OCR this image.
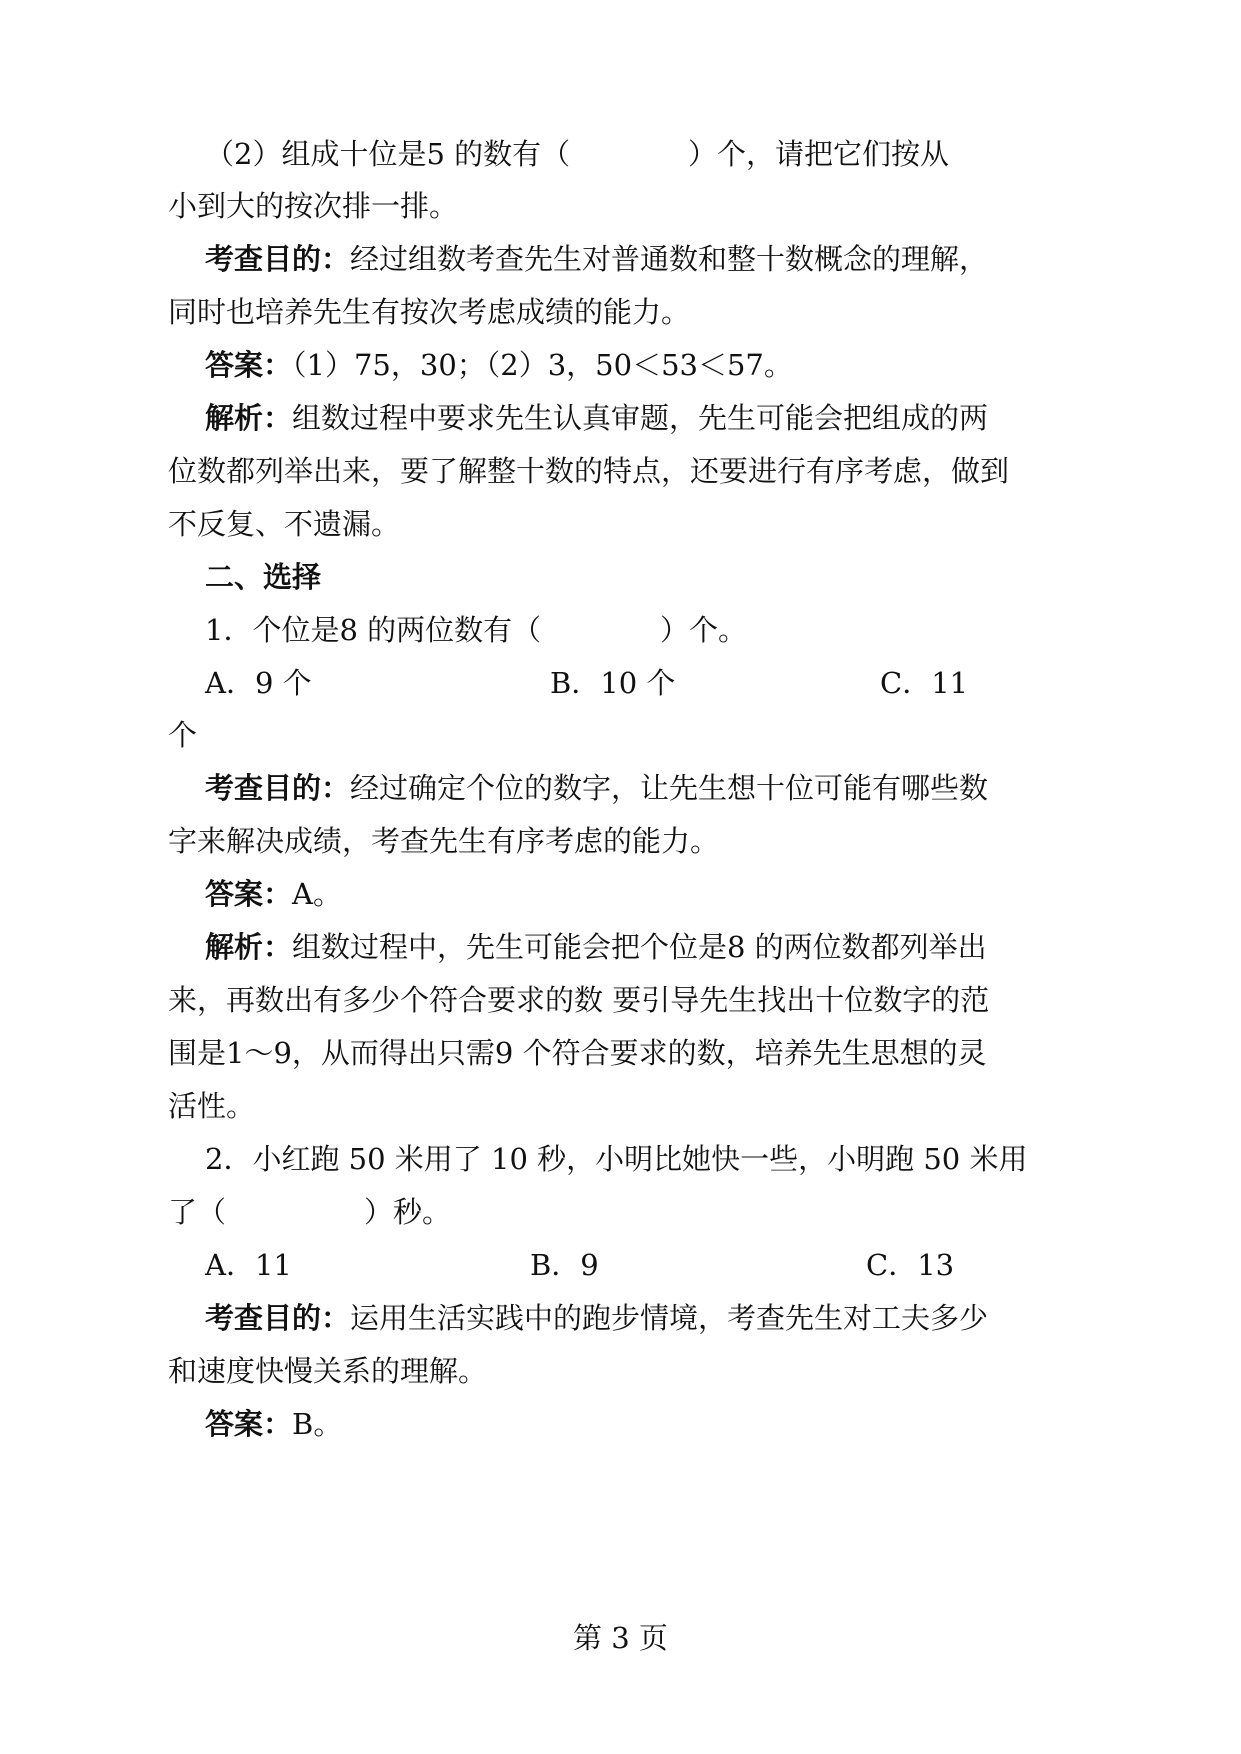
（2）组成十位是5 的数有（	）个，请把它们按从
小到大的按次排一排。
考查目的：经过组数考查先生对普通数和整十数概念的理解，
同时也培养先生有按次考虑成绩的能力。
答案：（1）75，30；（2）3，50＜53＜57。
解析：组数过程中要求先生认真审题，先生可能会把组成的两
位数都列举出来，要了解整十数的特点，还要进行有序考虑，做到
不反复、不遗漏。
二、选择
1．个位是8 的两位数有（	）个。
A．9 个	B．10 个	C．11
个
考查目的：经过确定个位的数字，让先生想十位可能有哪些数
字来解决成绩，考查先生有序考虑的能力。
答案：A。
解析：组数过程中，先生可能会把个位是8 的两位数都列举出
来，再数出有多少个符合要求的数 要引导先生找出十位数字的范
围是1～9，从而得出只需9 个符合要求的数，培养先生思想的灵
活性。
2．小红跑 50 米用了 10 秒，小明比她快一些，小明跑 50 米用
了（	）秒。
A．11	B．9	C．13
考查目的：运用生活实践中的跑步情境，考查先生对工夫多少
和速度快慢关系的理解。
答案：B。
第 3 页
